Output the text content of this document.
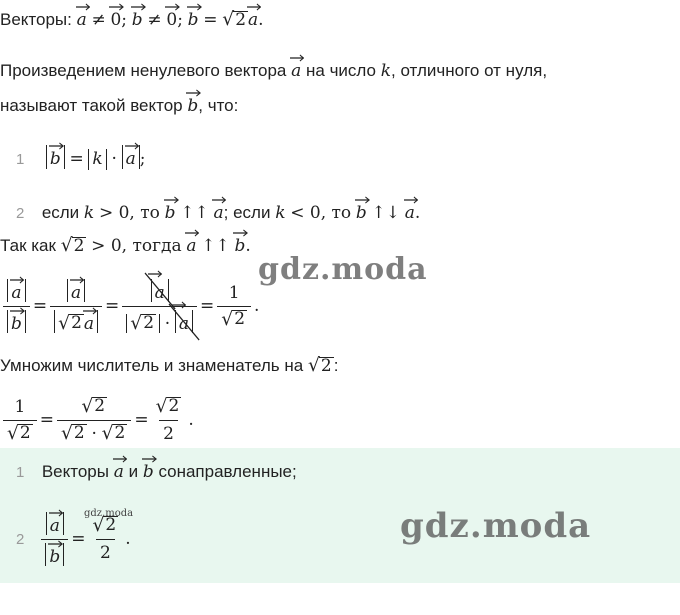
Векторы: a ≠ 0; b ≠ 0; b = √ 2 a.
Произведением ненулевого вектора a на число k, отличного от нуля,
называют такой вектор b, что:
1 b = k · a ;
2 если k > 0, то b ↑↑ a; если k < 0, то b ↑↓ a.
Так как √ 2 > 0, тогда a ↑↑ b.
$\frac{a}{b} = \frac{a}{√ 2 a} = \frac{a}{√ 2 \cdot a} = \frac{1}{√ 2}$ .
Умножим числитель и знаменатель на √ 2 :
$\frac{1}{√ 2} = \frac{√ 2}{√ 2 \cdot √ 2} = \frac{√ 2}{2}$ .
1 Векторы a и b сонаправленные;
$2 \frac{a}{b} = \frac{√ 2}{2}$ .
gdz.moda
gdz.moda
gdz.moda
